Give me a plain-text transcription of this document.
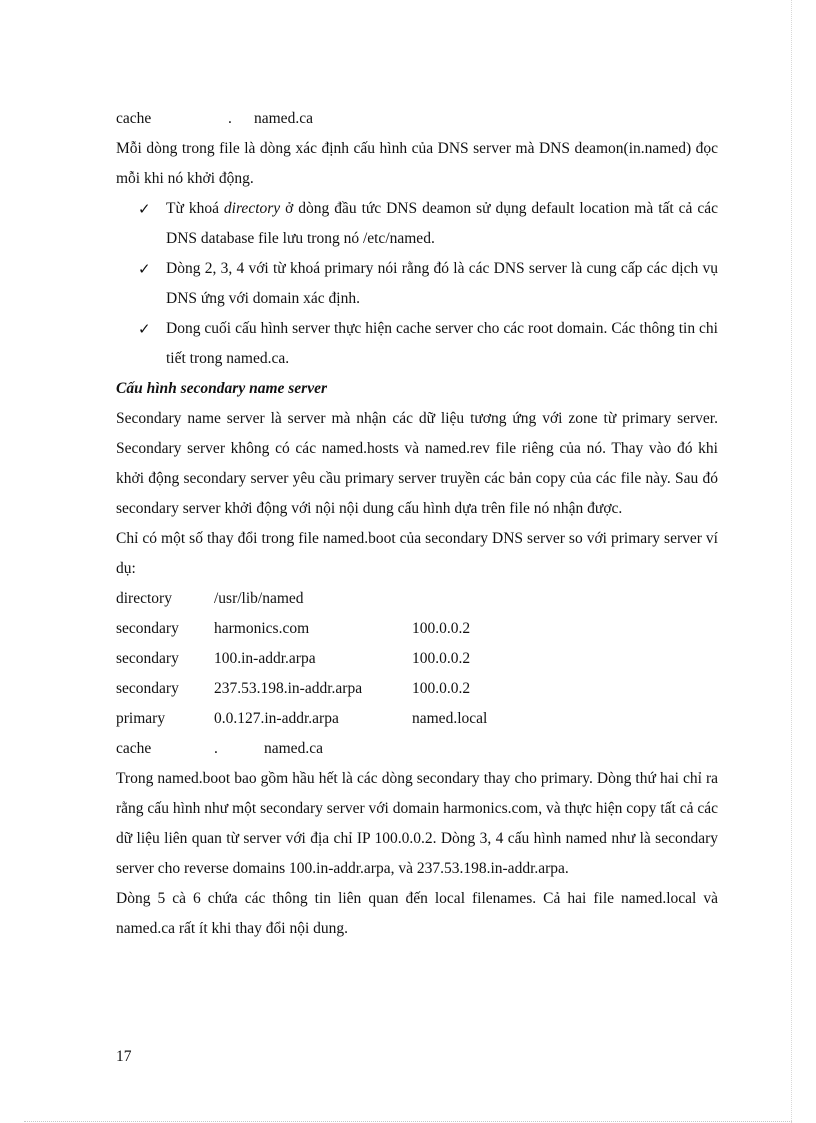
cache	. named.ca

Mỗi dòng trong file là dòng xác định cấu hình của DNS server mà DNS deamon(in.named) đọc mỗi khi nó khởi động.

✓ Từ khoá directory ở dòng đầu tức DNS deamon sử dụng default location mà tất cả các DNS database file lưu trong nó /etc/named.
✓ Dòng 2, 3, 4 với từ khoá primary nói rằng đó là các DNS server là cung cấp các dịch vụ DNS ứng với domain xác định.
✓ Dong cuối cấu hình server thực hiện cache server cho các root domain. Các thông tin chi tiết trong named.ca.
Cấu hình secondary name server

Secondary name server là server mà nhận các dữ liệu tương ứng với zone từ primary server. Secondary server không có các named.hosts và named.rev file riêng của nó. Thay vào đó khi khởi động secondary server yêu cầu primary server truyền các bản copy của các file này. Sau đó secondary server khởi động với nội nội dung cấu hình dựa trên file nó nhận được.

Chỉ có một số thay đổi trong file named.boot của secondary DNS server so với primary server ví dụ:

directory	/usr/lib/named
secondary harmonics.com	100.0.0.2
secondary 100.in-addr.arpa	100.0.0.2
secondary 237.53.198.in-addr.arpa	100.0.0.2
primary	0.0.127.in-addr.arpa	named.local
cache	.	named.ca

Trong named.boot bao gồm hầu hết là các dòng secondary thay cho primary. Dòng thứ hai chỉ ra rằng cấu hình như một secondary server với domain harmonics.com, và thực hiện copy tất cả các dữ liệu liên quan từ server với địa chỉ IP 100.0.0.2. Dòng 3, 4 cấu hình named như là secondary server cho reverse domains 100.in-addr.arpa, và 237.53.198.in-addr.arpa.

Dòng 5 cà 6 chứa các thông tin liên quan đến local filenames. Cả hai file named.local và named.ca rất ít khi thay đổi nội dung.

17
